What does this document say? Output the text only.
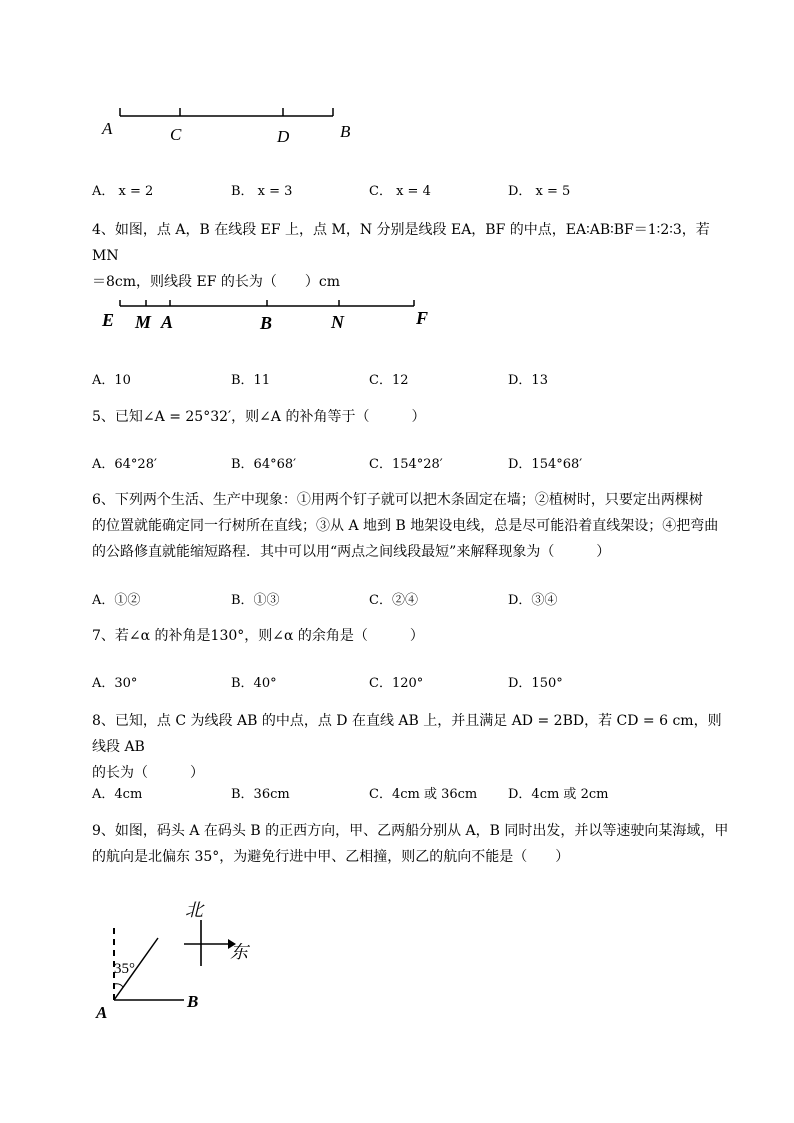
A	C	D	B
A． x = 2	B． x = 3	C． x = 4	D． x = 5
4、如图，点 A，B 在线段 EF 上，点 M，N 分别是线段 EA，BF 的中点，EA∶AB∶BF＝1∶2∶3，若 MN
＝8cm，则线段 EF 的长为（　　）cm
E M A	B	N	F
A．10	B．11	C．12	D．13
5、已知∠A = 25°32′，则∠A 的补角等于（　　　）
A．64°28′	B．64°68′	C．154°28′	D．154°68′
6、下列两个生活、生产中现象：①用两个钉子就可以把木条固定在墙；②植树时，只要定出两棵树
的位置就能确定同一行树所在直线；③从 A 地到 B 地架设电线，总是尽可能沿着直线架设；④把弯曲
的公路修直就能缩短路程．其中可以用“两点之间线段最短”来解释现象为（　　　）
A．①②	B．①③	C．②④	D．③④
7、若∠α 的补角是130°，则∠α 的余角是（　　　）
A．30°	B．40°	C．120°	D．150°
8、已知，点 C 为线段 AB 的中点，点 D 在直线 AB 上，并且满足 AD = 2BD，若 CD = 6 cm，则线段 AB
的长为（　　　）
A．4cm	B．36cm	C．4cm 或 36cm D．4cm 或 2cm
9、如图，码头 A 在码头 B 的正西方向，甲、乙两船分别从 A，B 同时出发，并以等速驶向某海域，甲
的航向是北偏东 35°，为避免行进中甲、乙相撞，则乙的航向不能是（　　）
北
东
35°
A
B
